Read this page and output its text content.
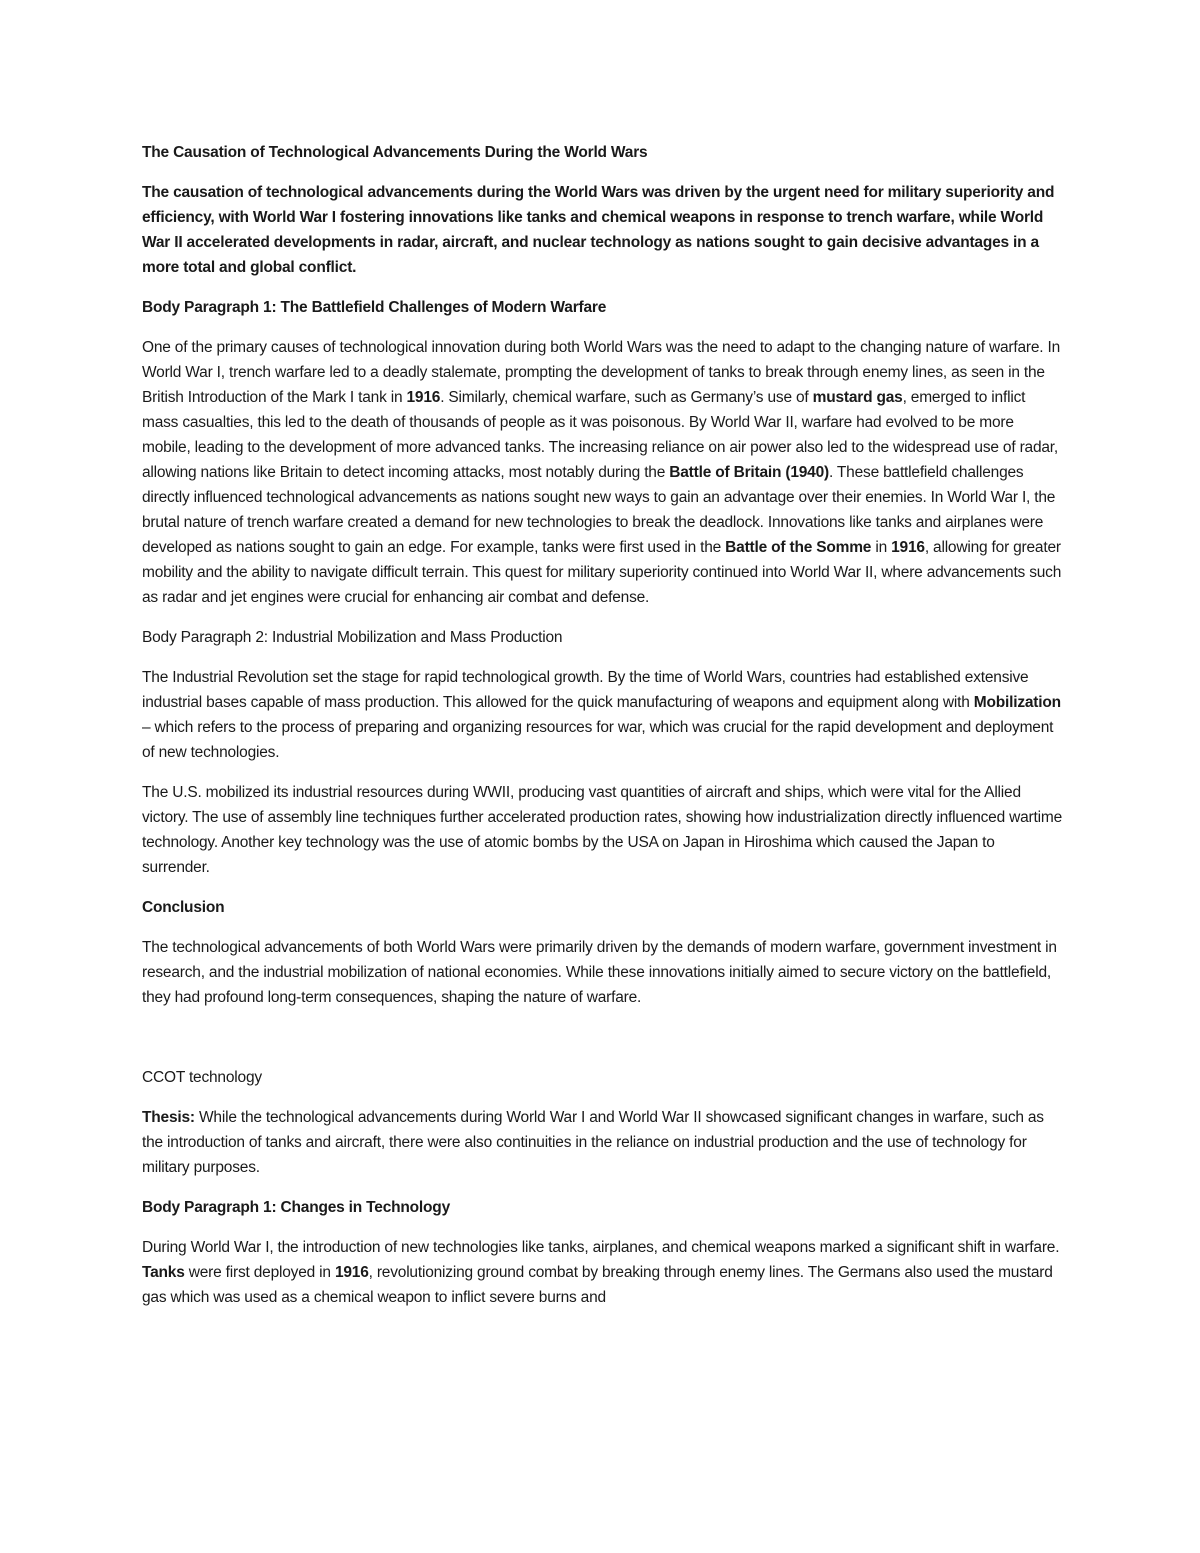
The Causation of Technological Advancements During the World Wars

The causation of technological advancements during the World Wars was driven by the urgent need for military superiority and efficiency, with World War I fostering innovations like tanks and chemical weapons in response to trench warfare, while World War II accelerated developments in radar, aircraft, and nuclear technology as nations sought to gain decisive advantages in a more total and global conflict.

Body Paragraph 1: The Battlefield Challenges of Modern Warfare

One of the primary causes of technological innovation during both World Wars was the need to adapt to the changing nature of warfare. In World War I, trench warfare led to a deadly stalemate, prompting the development of tanks to break through enemy lines, as seen in the British Introduction of the Mark I tank in 1916. Similarly, chemical warfare, such as Germany’s use of mustard gas, emerged to inflict mass casualties, this led to the death of thousands of people as it was poisonous. By World War II, warfare had evolved to be more mobile, leading to the development of more advanced tanks. The increasing reliance on air power also led to the widespread use of radar, allowing nations like Britain to detect incoming attacks, most notably during the Battle of Britain (1940). These battlefield challenges directly influenced technological advancements as nations sought new ways to gain an advantage over their enemies. In World War I, the brutal nature of trench warfare created a demand for new technologies to break the deadlock. Innovations like tanks and airplanes were developed as nations sought to gain an edge. For example, tanks were first used in the Battle of the Somme in 1916, allowing for greater mobility and the ability to navigate difficult terrain. This quest for military superiority continued into World War II, where advancements such as radar and jet engines were crucial for enhancing air combat and defense.

Body Paragraph 2: Industrial Mobilization and Mass Production

The Industrial Revolution set the stage for rapid technological growth. By the time of World Wars, countries had established extensive industrial bases capable of mass production. This allowed for the quick manufacturing of weapons and equipment along with Mobilization – which refers to the process of preparing and organizing resources for war, which was crucial for the rapid development and deployment of new technologies.

The U.S. mobilized its industrial resources during WWII, producing vast quantities of aircraft and ships, which were vital for the Allied victory. The use of assembly line techniques further accelerated production rates, showing how industrialization directly influenced wartime technology. Another key technology was the use of atomic bombs by the USA on Japan in Hiroshima which caused the Japan to surrender.

Conclusion

The technological advancements of both World Wars were primarily driven by the demands of modern warfare, government investment in research, and the industrial mobilization of national economies. While these innovations initially aimed to secure victory on the battlefield, they had profound long-term consequences, shaping the nature of warfare.

CCOT technology

Thesis: While the technological advancements during World War I and World War II showcased significant changes in warfare, such as the introduction of tanks and aircraft, there were also continuities in the reliance on industrial production and the use of technology for military purposes.

Body Paragraph 1: Changes in Technology

During World War I, the introduction of new technologies like tanks, airplanes, and chemical weapons marked a significant shift in warfare. Tanks were first deployed in 1916, revolutionizing ground combat by breaking through enemy lines. The Germans also used the mustard gas which was used as a chemical weapon to inflict severe burns and
